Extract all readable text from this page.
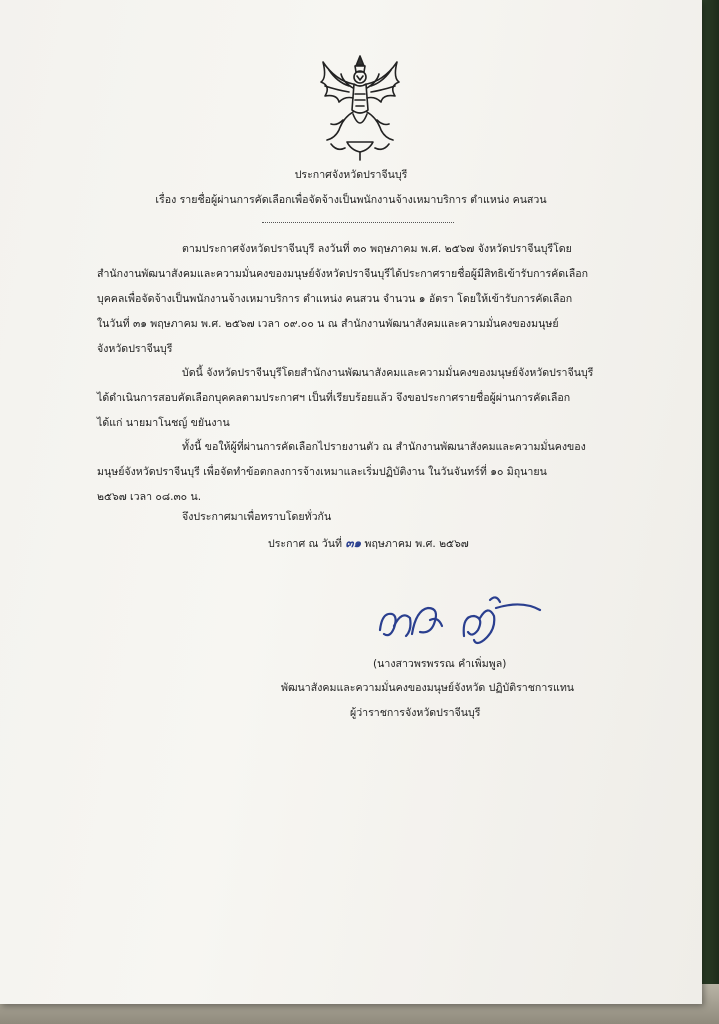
ประกาศจังหวัดปราจีนบุรี
เรื่อง รายชื่อผู้ผ่านการคัดเลือกเพื่อจัดจ้างเป็นพนักงานจ้างเหมาบริการ ตำแหน่ง คนสวน
ตามประกาศจังหวัดปราจีนบุรี ลงวันที่ ๓๐ พฤษภาคม พ.ศ. ๒๕๖๗ จังหวัดปราจีนบุรีโดย
สำนักงานพัฒนาสังคมและความมั่นคงของมนุษย์จังหวัดปราจีนบุรีได้ประกาศรายชื่อผู้มีสิทธิเข้ารับการคัดเลือก
บุคคลเพื่อจัดจ้างเป็นพนักงานจ้างเหมาบริการ ตำแหน่ง คนสวน จำนวน ๑ อัตรา โดยให้เข้ารับการคัดเลือก
ในวันที่ ๓๑ พฤษภาคม พ.ศ. ๒๕๖๗ เวลา ๐๙.๐๐ น ณ สำนักงานพัฒนาสังคมและความมั่นคงของมนุษย์
จังหวัดปราจีนบุรี
บัดนี้ จังหวัดปราจีนบุรีโดยสำนักงานพัฒนาสังคมและความมั่นคงของมนุษย์จังหวัดปราจีนบุรี
ได้ดำเนินการสอบคัดเลือกบุคคลตามประกาศฯ เป็นที่เรียบร้อยแล้ว จึงขอประกาศรายชื่อผู้ผ่านการคัดเลือก
ได้แก่ นายมาโนชญ์ ขยันงาน
ทั้งนี้ ขอให้ผู้ที่ผ่านการคัดเลือกไปรายงานตัว ณ สำนักงานพัฒนาสังคมและความมั่นคงของ
มนุษย์จังหวัดปราจีนบุรี เพื่อจัดทำข้อตกลงการจ้างเหมาและเริ่มปฏิบัติงาน ในวันจันทร์ที่ ๑๐ มิถุนายน
๒๕๖๗ เวลา ๐๘.๓๐ น.
จึงประกาศมาเพื่อทราบโดยทั่วกัน
ประกาศ ณ วันที่ ๓๑ พฤษภาคม พ.ศ. ๒๕๖๗
(นางสาวพรพรรณ คำเพิ่มพูล)
พัฒนาสังคมและความมั่นคงของมนุษย์จังหวัด ปฏิบัติราชการแทน
ผู้ว่าราชการจังหวัดปราจีนบุรี
